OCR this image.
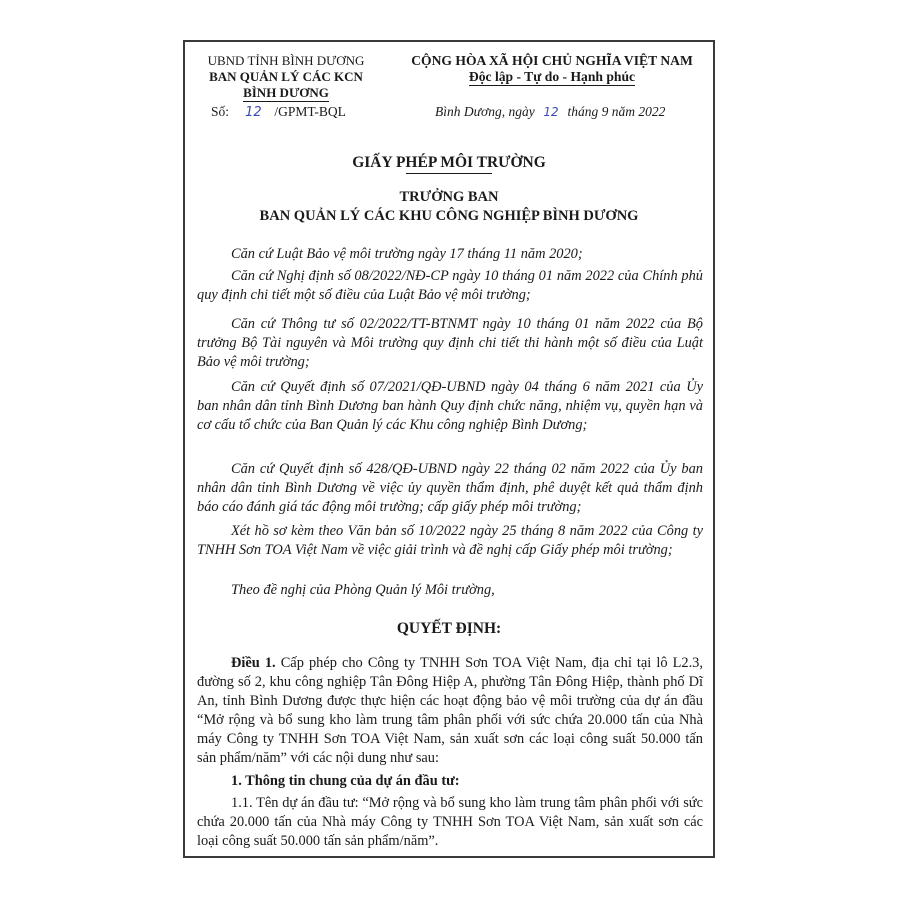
UBND TỈNH BÌNH DƯƠNG
BAN QUẢN LÝ CÁC KCN
BÌNH DƯƠNG
Số: 12 /GPMT-BQL
CỘNG HÒA XÃ HỘI CHỦ NGHĨA VIỆT NAM
Độc lập - Tự do - Hạnh phúc
Bình Dương, ngày 12 tháng 9 năm 2022
GIẤY PHÉP MÔI TRƯỜNG
TRƯỞNG BAN
BAN QUẢN LÝ CÁC KHU CÔNG NGHIỆP BÌNH DƯƠNG
Căn cứ Luật Bảo vệ môi trường ngày 17 tháng 11 năm 2020;
Căn cứ Nghị định số 08/2022/NĐ-CP ngày 10 tháng 01 năm 2022 của Chính phủ quy định chi tiết một số điều của Luật Bảo vệ môi trường;
Căn cứ Thông tư số 02/2022/TT-BTNMT ngày 10 tháng 01 năm 2022 của Bộ trưởng Bộ Tài nguyên và Môi trường quy định chi tiết thi hành một số điều của Luật Bảo vệ môi trường;
Căn cứ Quyết định số 07/2021/QĐ-UBND ngày 04 tháng 6 năm 2021 của Ủy ban nhân dân tỉnh Bình Dương ban hành Quy định chức năng, nhiệm vụ, quyền hạn và cơ cấu tổ chức của Ban Quản lý các Khu công nghiệp Bình Dương;
Căn cứ Quyết định số 428/QĐ-UBND ngày 22 tháng 02 năm 2022 của Ủy ban nhân dân tỉnh Bình Dương về việc ủy quyền thẩm định, phê duyệt kết quả thẩm định báo cáo đánh giá tác động môi trường; cấp giấy phép môi trường;
Xét hồ sơ kèm theo Văn bản số 10/2022 ngày 25 tháng 8 năm 2022 của Công ty TNHH Sơn TOA Việt Nam về việc giải trình và đề nghị cấp Giấy phép môi trường;
Theo đề nghị của Phòng Quản lý Môi trường,
QUYẾT ĐỊNH:
Điều 1. Cấp phép cho Công ty TNHH Sơn TOA Việt Nam, địa chỉ tại lô L2.3, đường số 2, khu công nghiệp Tân Đông Hiệp A, phường Tân Đông Hiệp, thành phố Dĩ An, tỉnh Bình Dương được thực hiện các hoạt động bảo vệ môi trường của dự án đầu “Mở rộng và bổ sung kho làm trung tâm phân phối với sức chứa 20.000 tấn của Nhà máy Công ty TNHH Sơn TOA Việt Nam, sản xuất sơn các loại công suất 50.000 tấn sản phẩm/năm” với các nội dung như sau:
1. Thông tin chung của dự án đầu tư:
1.1. Tên dự án đầu tư: “Mở rộng và bổ sung kho làm trung tâm phân phối với sức chứa 20.000 tấn của Nhà máy Công ty TNHH Sơn TOA Việt Nam, sản xuất sơn các loại công suất 50.000 tấn sản phẩm/năm”.
